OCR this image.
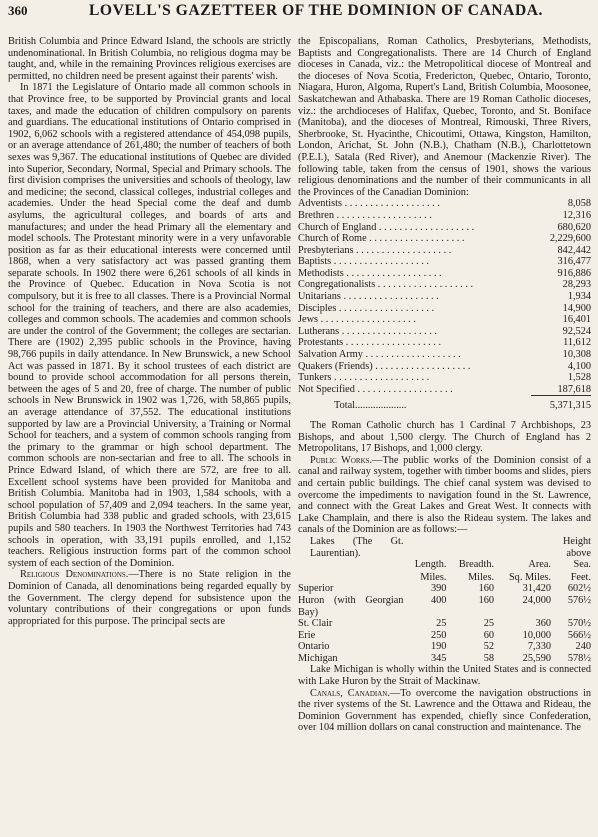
360	LOVELL'S GAZETTEER OF THE DOMINION OF CANADA.

British Columbia and Prince Edward Island, the schools are strictly undenominational. In British Columbia, no religious dogma may be taught, and, while in the remaining Provinces religious exercises are permitted, no children need be present against their parents' wish.

In 1871 the Legislature of Ontario made all common schools in that Province free, to be supported by Provincial grants and local taxes, and made the education of children compulsory on parents and guardians. The educational institutions of Ontario comprised in 1902, 6,062 schools with a registered attendance of 454,098 pupils, or an average attendance of 261,480; the number of teachers of both sexes was 9,367. The educational institutions of Quebec are divided into Superior, Secondary, Normal, Special and Primary schools. The first division comprises the universities and schools of theology, law and medicine; the second, classical colleges, industrial colleges and academies. Under the head Special come the deaf and dumb asylums, the agricultural colleges, and boards of arts and manufactures; and under the head Primary all the elementary and model schools. The Protestant minority were in a very unfavorable position as far as their educational interests were concerned until 1868, when a very satisfactory act was passed granting them separate schools. In 1902 there were 6,261 schools of all kinds in the Province of Quebec. Education in Nova Scotia is not compulsory, but it is free to all classes. There is a Provincial Normal school for the training of teachers, and there are also academies, colleges and common schools. The academies and common schools are under the control of the Government; the colleges are sectarian. There are (1902) 2,395 public schools in the Province, having 98,766 pupils in daily attendance. In New Brunswick, a new School Act was passed in 1871. By it school trustees of each district are bound to provide school accommodation for all persons therein, between the ages of 5 and 20, free of charge. The number of public schools in New Brunswick in 1902 was 1,726, with 58,865 pupils, an average attendance of 37,552. The educational institutions supported by law are a Provincial University, a Training or Normal School for teachers, and a system of common schools ranging from the primary to the grammar or high school department. The common schools are non-sectarian and free to all. The schools in Prince Edward Island, of which there are 572, are free to all. Excellent school systems have been provided for Manitoba and British Columbia. Manitoba had in 1903, 1,584 schools, with a school population of 57,409 and 2,094 teachers. In the same year, British Columbia had 338 public and graded schools, with 23,615 pupils and 580 teachers. In 1903 the Northwest Territories had 743 schools in operation, with 33,191 pupils enrolled, and 1,152 teachers. Religious instruction forms part of the common school system of each section of the Dominion.

Religious Denominations.—There is no State religion in the Dominion of Canada, all denominations being regarded equally by the Government. The clergy depend for subsistence upon the voluntary contributions of their congregations or upon funds appropriated for this purpose. The principal sects are

the Episcopalians, Roman Catholics, Presbyterians, Methodists, Baptists and Congregationalists. There are 14 Church of England dioceses in Canada, viz.: the Metropolitical diocese of Montreal and the dioceses of Nova Scotia, Fredericton, Quebec, Ontario, Toronto, Niagara, Huron, Algoma, Rupert's Land, British Columbia, Moosonee, Saskatchewan and Athabaska. There are 19 Roman Catholic dioceses, viz.: the archdioceses of Halifax, Quebec, Toronto, and St. Boniface (Manitoba), and the dioceses of Montreal, Rimouski, Three Rivers, Sherbrooke, St. Hyacinthe, Chicoutimi, Ottawa, Kingston, Hamilton, London, Arichat, St. John (N.B.), Chatham (N.B.), Charlottetown (P.E.I.), Satala (Red River), and Anemour (Mackenzie River). The following table, taken from the census of 1901, shows the various religious denominations and the number of their communicants in all the Provinces of the Canadian Dominion:

Adventists . . . . . . . . . . . . . . . . . . .	8,058
Brethren . . . . . . . . . . . . . . . . . . .	12,316
Church of England . . . . . . . . . . . . . . . . . . .	680,620
Church of Rome . . . . . . . . . . . . . . . . . . .	2,229,600
Presbyterians . . . . . . . . . . . . . . . . . . .	842,442
Baptists . . . . . . . . . . . . . . . . . . .	316,477
Methodists . . . . . . . . . . . . . . . . . . .	916,886
Congregationalists . . . . . . . . . . . . . . . . . . .	28,293
Unitarians . . . . . . . . . . . . . . . . . . .	1,934
Disciples . . . . . . . . . . . . . . . . . . .	14,900
Jews . . . . . . . . . . . . . . . . . . .	16,401
Lutherans . . . . . . . . . . . . . . . . . . .	92,524
Protestants . . . . . . . . . . . . . . . . . . .	11,612
Salvation Army . . . . . . . . . . . . . . . . . . .	10,308
Quakers (Friends) . . . . . . . . . . . . . . . . . . .	4,100
Tunkers . . . . . . . . . . . . . . . . . . .	1,528
Not Specified . . . . . . . . . . . . . . . . . . .	187,618
Total....................	5,371,315

The Roman Catholic church has 1 Cardinal 7 Archbishops, 23 Bishops, and about 1,500 clergy. The Church of England has 2 Metropolitans, 17 Bishops, and 1,000 clergy.

Public Works.—The public works of the Dominion consist of a canal and railway system, together with timber booms and slides, piers and certain public buildings. The chief canal system was devised to overcome the impediments to navigation found in the St. Lawrence, and connect with the Great Lakes and Great West. It connects with Lake Champlain, and there is also the Rideau system. The lakes and canals of the Dominion are as follows:—

Lakes (The Gt. Laurentian).	Length.	Breadth.	Area.	Height above Sea.
	Miles.	Miles.	Sq. Miles.	Feet.
Superior	390	160	31,420	602½
Huron (with Georgian Bay)	400	160	24,000	576½
St. Clair	25	25	360	570½
Erie	250	60	10,000	566½
Ontario	190	52	7,330	240
Michigan	345	58	25,590	578½

Lake Michigan is wholly within the United States and is connected with Lake Huron by the Strait of Mackinaw.

Canals, Canadian.—To overcome the navigation obstructions in the river systems of the St. Lawrence and the Ottawa and Rideau, the Dominion Government has expended, chiefly since Confederation, over 104 million dollars on canal construction and maintenance. The
